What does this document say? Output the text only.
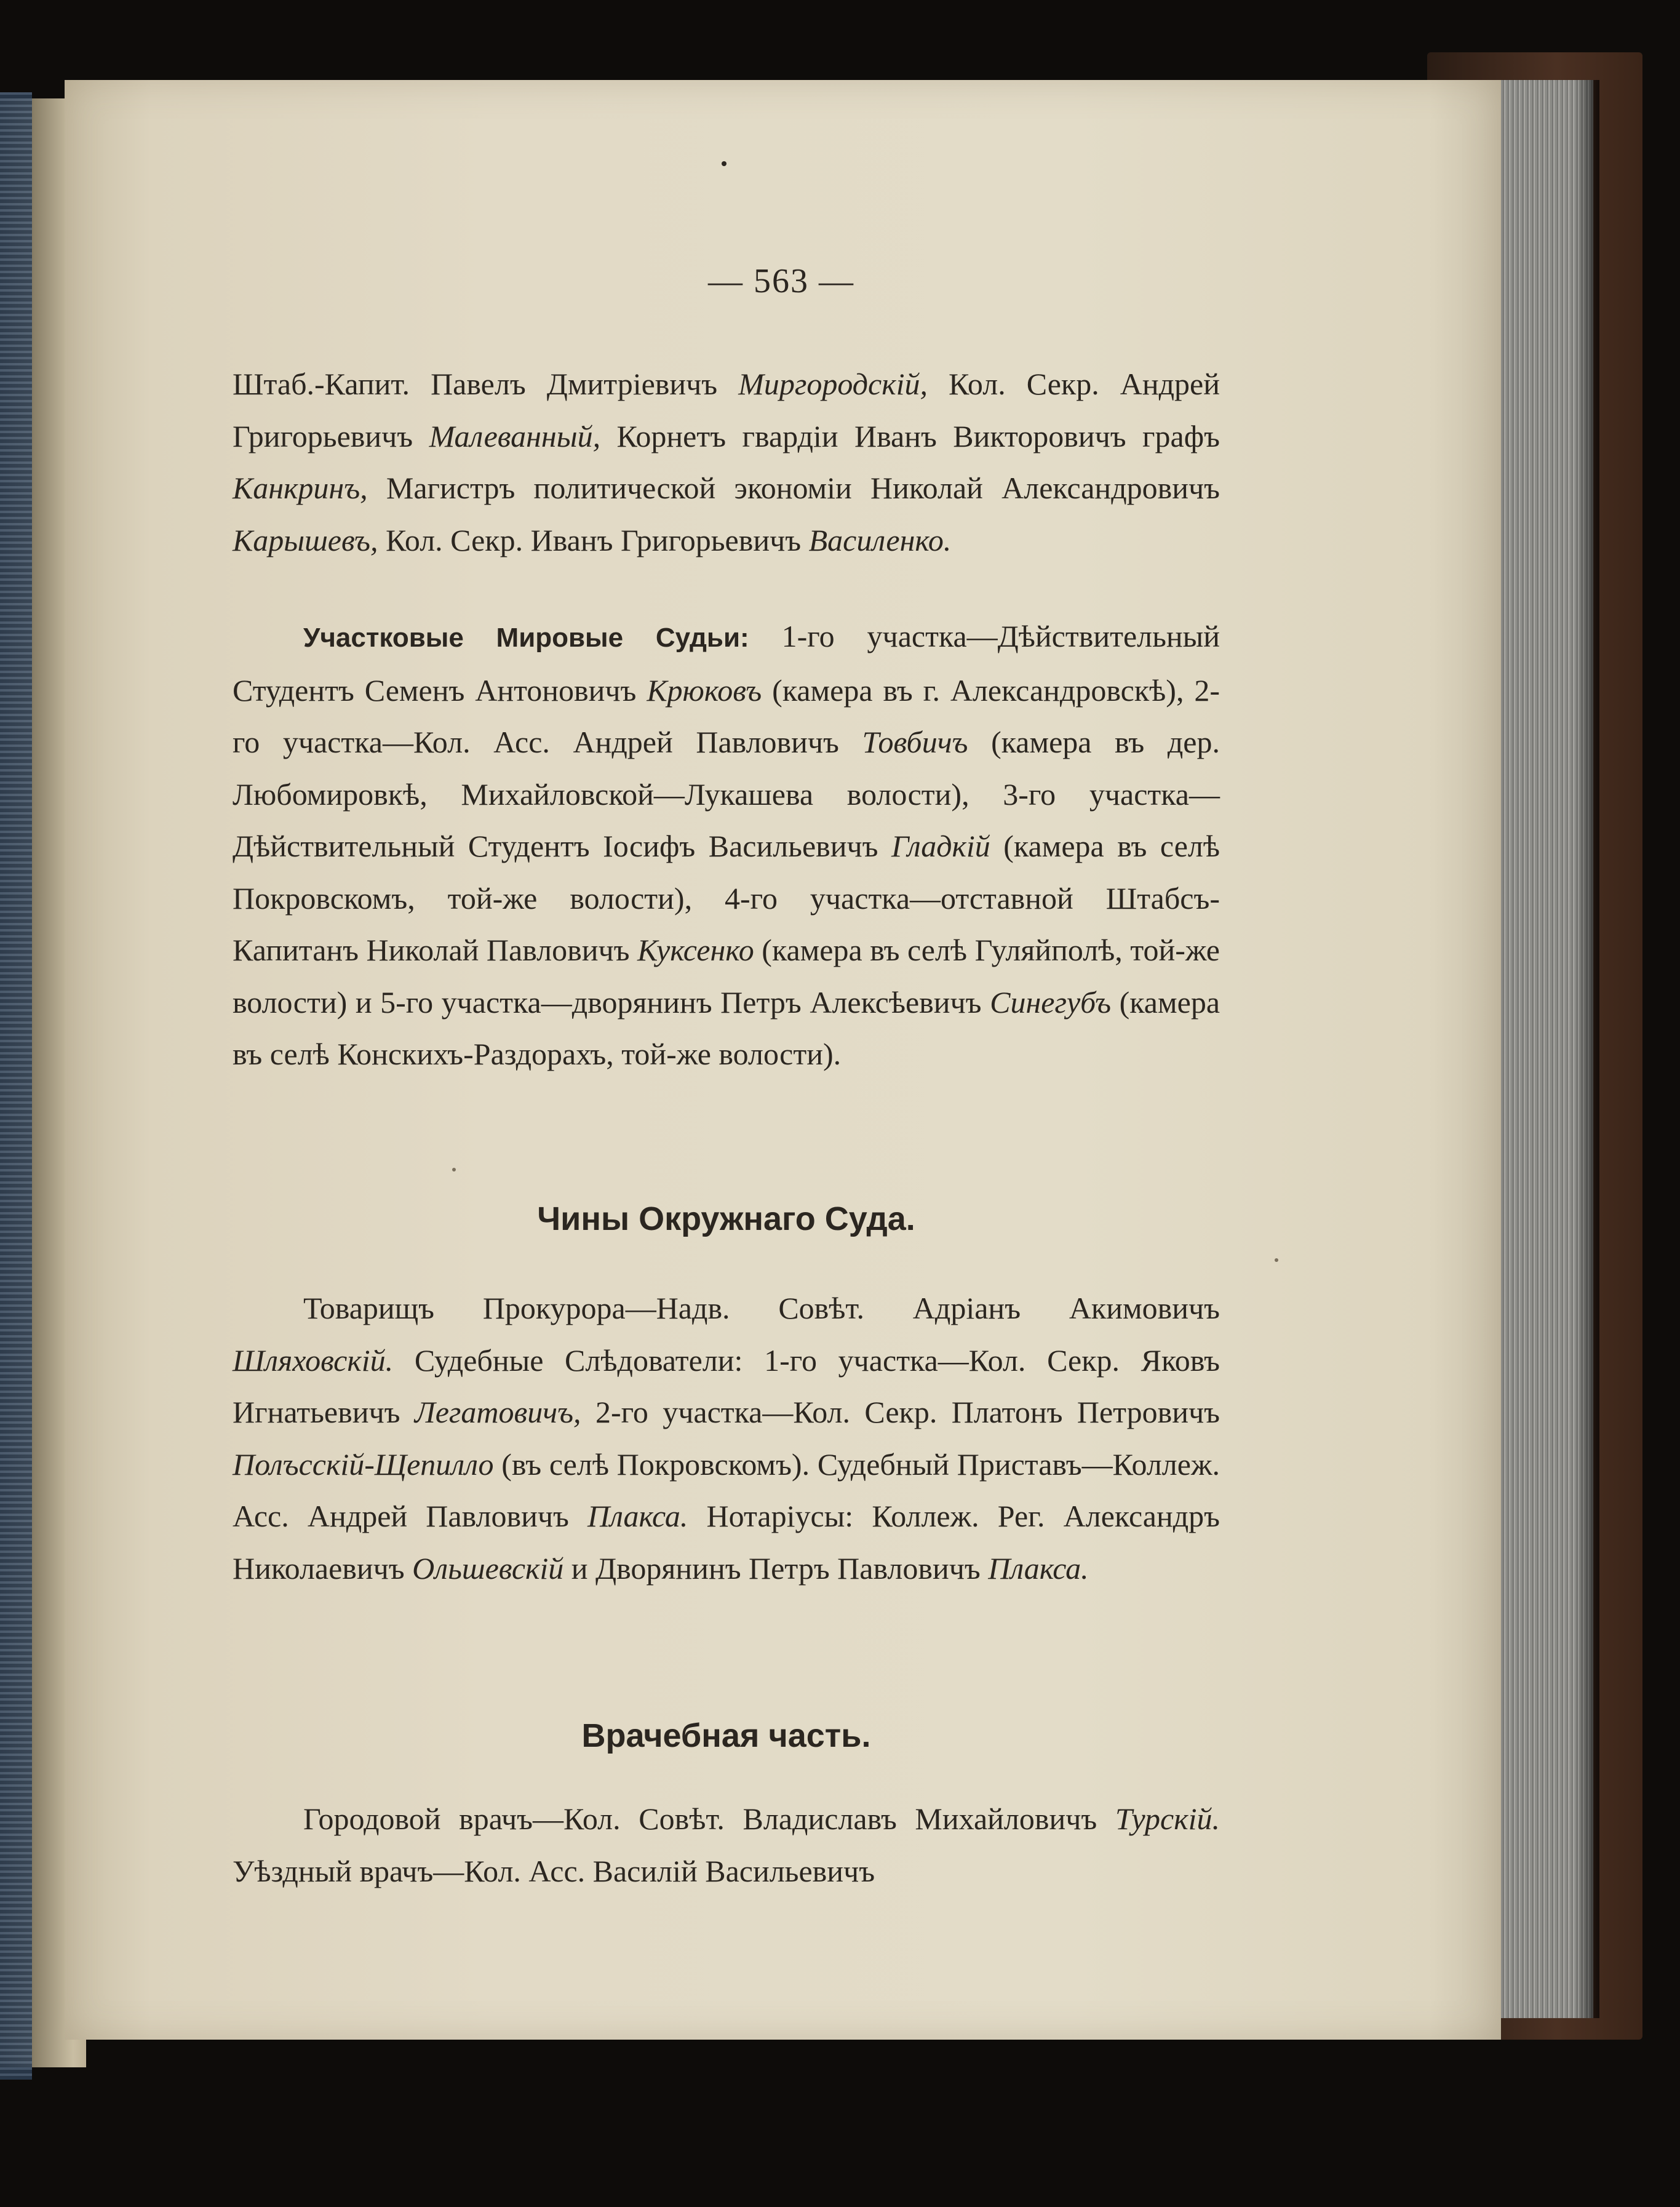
— 563 —

Штаб.-Капит. Павелъ Дмитріевичъ Миргородскій, Кол. Секр. Андрей Григорьевичъ Малеванный, Корнетъ гвардіи Иванъ Викторовичъ графъ Канкринъ, Магистръ политической экономіи Николай Александровичъ Карышевъ, Кол. Секр. Иванъ Григорьевичъ Василенко.

Участковые Мировые Судьи: 1-го участка—Дѣйствительный Студентъ Семенъ Антоновичъ Крюковъ (камера въ г. Александровскѣ), 2-го участка—Кол. Асс. Андрей Павловичъ Товбичъ (камера въ дер. Любомировкѣ, Михайловской—Лукашева волости), 3-го участка—Дѣйствительный Студентъ Іосифъ Васильевичъ Гладкій (камера въ селѣ Покровскомъ, той-же волости), 4-го участка—отставной Штабсъ-Капитанъ Николай Павловичъ Куксенко (камера въ селѣ Гуляйполѣ, той-же волости) и 5-го участка—дворянинъ Петръ Алексѣевичъ Синегубъ (камера въ селѣ Конскихъ-Раздорахъ, той-же волости).

Чины Окружнаго Суда.

Товарищъ Прокурора—Надв. Совѣт. Адріанъ Акимовичъ Шляховскій. Судебные Слѣдователи: 1-го участка—Кол. Секр. Яковъ Игнатьевичъ Легатовичъ, 2-го участка—Кол. Секр. Платонъ Петровичъ Полъсскій-Щепилло (въ селѣ Покровскомъ). Судебный Приставъ—Коллеж. Асс. Андрей Павловичъ Плакса. Нотаріусы: Коллеж. Рег. Александръ Николаевичъ Ольшевскій и Дворянинъ Петръ Павловичъ Плакса.

Врачебная часть.

Городовой врачъ—Кол. Совѣт. Владиславъ Михайловичъ Турскій. Уѣздный врачъ—Кол. Асс. Василій Васильевичъ
